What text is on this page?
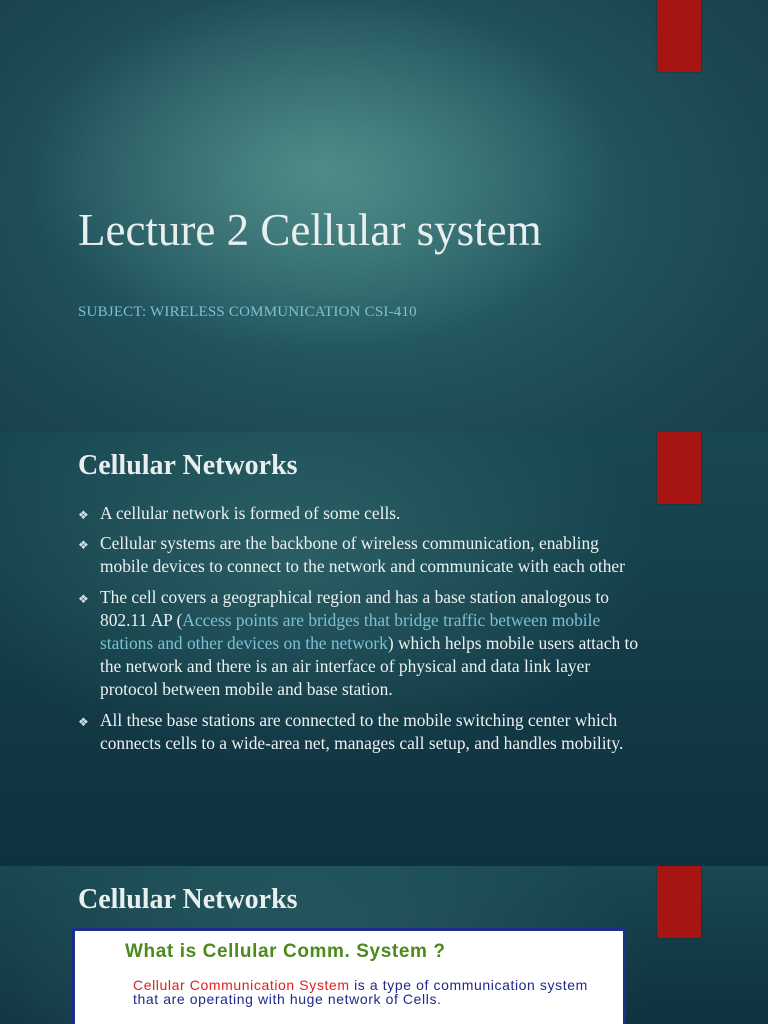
Lecture 2 Cellular system

SUBJECT: WIRELESS COMMUNICATION CSI-410

Cellular Networks
❖ A cellular network is formed of some cells.
❖ Cellular systems are the backbone of wireless communication, enabling mobile devices to connect to the network and communicate with each other
❖ The cell covers a geographical region and has a base station analogous to 802.11 AP (Access points are bridges that bridge traffic between mobile stations and other devices on the network) which helps mobile users attach to the network and there is an air interface of physical and data link layer protocol between mobile and base station.
❖ All these base stations are connected to the mobile switching center which connects cells to a wide-area net, manages call setup, and handles mobility.
Cellular Networks

What is Cellular Comm. System ?

Cellular Communication System is a type of communication system that are operating with huge network of Cells.
